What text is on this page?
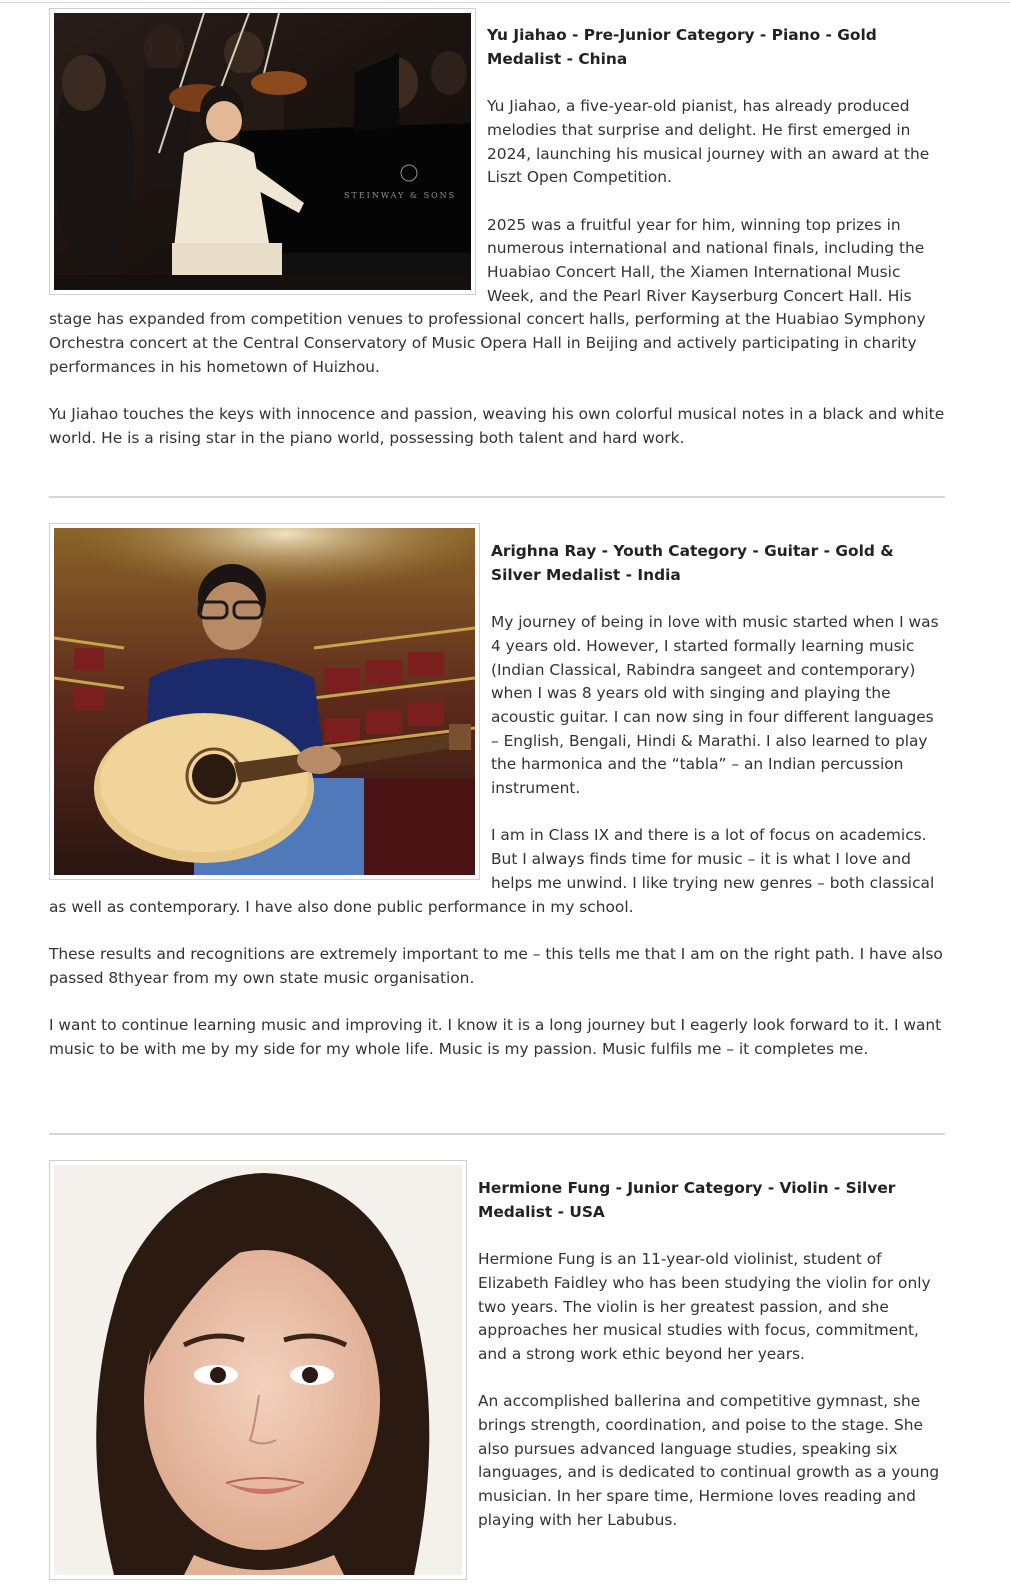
STEINWAY & SONS

Yu Jiahao - Pre-Junior Category - Piano - Gold Medalist - China

Yu Jiahao, a five-year-old pianist, has already produced melodies that surprise and delight. He first emerged in 2024, launching his musical journey with an award at the Liszt Open Competition.

2025 was a fruitful year for him, winning top prizes in numerous international and national finals, including the Huabiao Concert Hall, the Xiamen International Music Week, and the Pearl River Kayserburg Concert Hall. His stage has expanded from competition venues to professional concert halls, performing at the Huabiao Symphony Orchestra concert at the Central Conservatory of Music Opera Hall in Beijing and actively participating in charity performances in his hometown of Huizhou.

Yu Jiahao touches the keys with innocence and passion, weaving his own colorful musical notes in a black and white world. He is a rising star in the piano world, possessing both talent and hard work.

Arighna Ray - Youth Category - Guitar - Gold & Silver Medalist - India

My journey of being in love with music started when I was 4 years old. However, I started formally learning music (Indian Classical, Rabindra sangeet and contemporary) when I was 8 years old with singing and playing the acoustic guitar. I can now sing in four different languages – English, Bengali, Hindi & Marathi. I also learned to play the harmonica and the “tabla” – an Indian percussion instrument.

I am in Class IX and there is a lot of focus on academics. But I always finds time for music – it is what I love and helps me unwind. I like trying new genres – both classical as well as contemporary. I have also done public performance in my school.

These results and recognitions are extremely important to me – this tells me that I am on the right path. I have also passed 8thyear from my own state music organisation.

I want to continue learning music and improving it. I know it is a long journey but I eagerly look forward to it. I want music to be with me by my side for my whole life. Music is my passion. Music fulfils me – it completes me.

Hermione Fung - Junior Category - Violin - Silver Medalist - USA

Hermione Fung is an 11-year-old violinist, student of Elizabeth Faidley who has been studying the violin for only two years. The violin is her greatest passion, and she approaches her musical studies with focus, commitment, and a strong work ethic beyond her years.

An accomplished ballerina and competitive gymnast, she brings strength, coordination, and poise to the stage. She also pursues advanced language studies, speaking six languages, and is dedicated to continual growth as a young musician. In her spare time, Hermione loves reading and playing with her Labubus.
